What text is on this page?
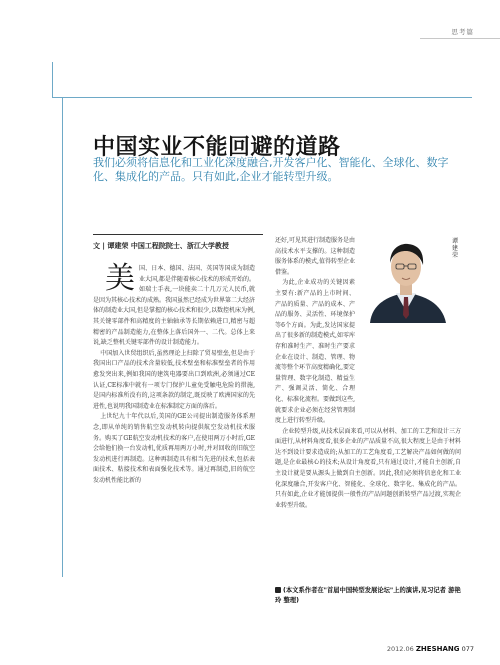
思考篇
中国实业不能回避的道路
我们必须将信息化和工业化深度融合,开发客户化、智能化、全球化、数字化、集成化的产品。只有如此,企业才能转型升级。
文 | 谭建荣 中国工程院院士、浙江大学教授

美国、日本、德国、法国、英国等国成为制造业大国,都是伴随着核心技术的形成开始的。如瑞士手表,一块能卖二十几万元人民币,就是因为其核心技术的成熟。我国虽然已经成为世界第二大经济体的制造业大国,但是掌握的核心技术和很少,以数控机床为例,其关键零部件和高精度的主轴轴承等长期依赖进口,精密与超精密的产品制造能力,在整体上落后国外一、二代。总体上来说,缺乏整机关键零部件的设计制造能力。

中国加入世贸组织后,虽然理论上扫除了贸易壁垒,但是由于我国出口产品的技术含量较低,技术壁垒和标准壁垒者的作用愈发突出来,例如我国的建筑电器要出口到欧洲,必须通过CE认证,CE标准中就有一项专门保护儿童免受触电危险的措施,是国内标准所没有的,这项条款的制定,既反映了欧洲国家的先进性,也说明我国制造业在标准制定方面的落后。

上世纪九十年代以后,美国的GE公司提出制造服务体系理念,即从单纯的销售航空发动机转向提供航空发动机技术服务。购买了GE航空发动机技术的客户,在使用两万小时后,GE会给他们换一台发动机,优质再用两万小时,并对回收的旧航空发动机进行再制造。这种再制造具有相当先进的技术,包括表面技术、粘接技术和表面强化技术等。通过再制造,旧的航空发动机性能比新的

还好,可见其进行制造服务是由高技术水平支撑的。这种制造服务体系的模式,值得转型企业借鉴。

为此,企业成功的关键因素主要有:新产品的上市时间、产品的质量、产品的成本、产品的服务、灵活性、环境保护等6个方面。为此,发达国家提出了很多新的制造模式,如零库存和准时生产、准时生产要求企业在设计、制造、管理、物流等整个环节高度精确化,要定量管理、数字化制造、精益生产、强调灵活、简化、合理化、标准化流程。要做到这些,就要求企业必须在经营管理制度上进行转型升级。

企业转型升级,从技术层面来看,可以从材料、加工的工艺和设计三方面进行,从材料角度看,很多企业的产品质量不高,很大程度上是由于材料达不到设计要求造成的;从加工的工艺角度看,工艺解决产品如何做的问题,是企业最核心的技术;从设计角度看,只有通过设计,才能自主创新,自主设计就是要从源头上做到自主创新。因此,我们必须将信息化和工业化深度融合,开发客户化、智能化、全球化、数字化、集成化的产品。只有如此,企业才能加提供一般性的产品问题创新转型产品过渡,实现企业转型升级。

谭建荣
(本文系作者在"首届中国转型发展论坛"上的演讲,见习记者 游艳玲 整理)
2012.06 ZHESHANG 077
